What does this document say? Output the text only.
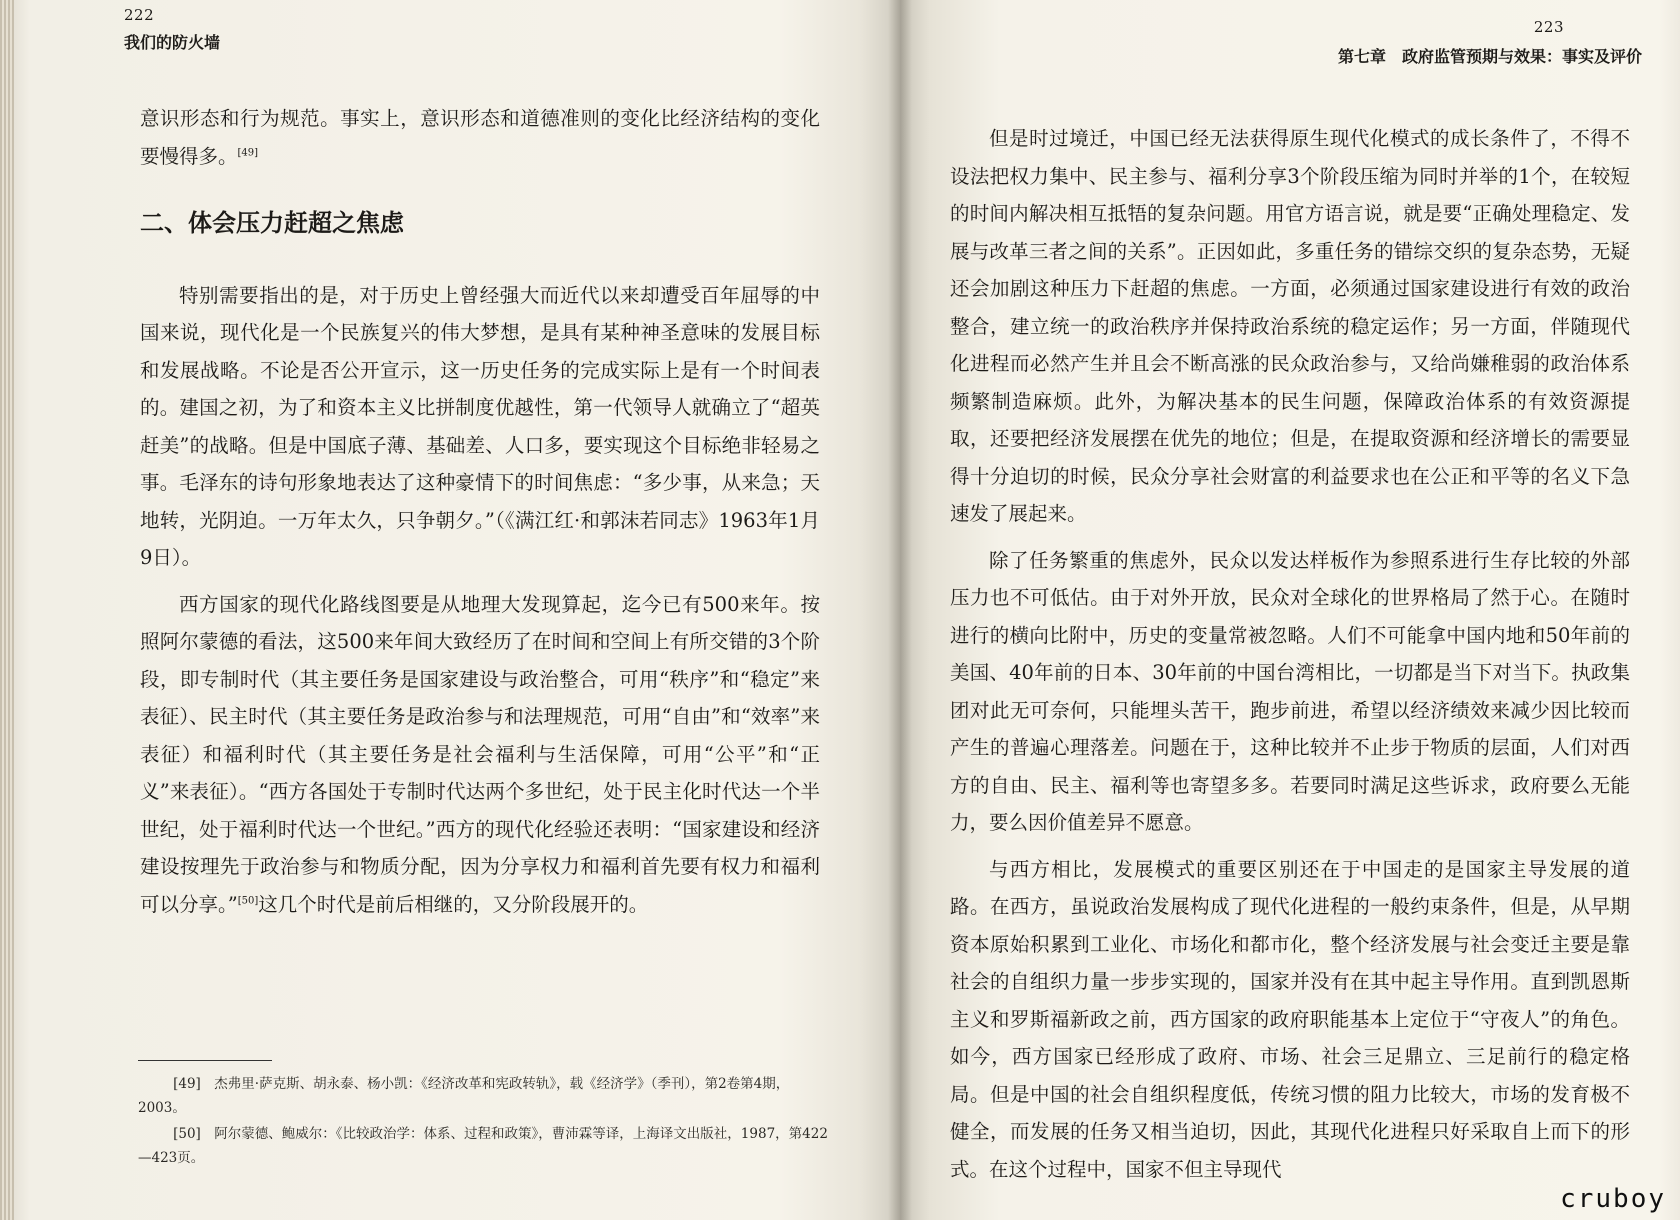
222
我们的防火墙

意识形态和行为规范。事实上，意识形态和道德准则的变化比经济结构的变化要慢得多。[49]

二、体会压力赶超之焦虑

特别需要指出的是，对于历史上曾经强大而近代以来却遭受百年屈辱的中国来说，现代化是一个民族复兴的伟大梦想，是具有某种神圣意味的发展目标和发展战略。不论是否公开宣示，这一历史任务的完成实际上是有一个时间表的。建国之初，为了和资本主义比拼制度优越性，第一代领导人就确立了“超英赶美”的战略。但是中国底子薄、基础差、人口多，要实现这个目标绝非轻易之事。毛泽东的诗句形象地表达了这种豪情下的时间焦虑：“多少事，从来急；天地转，光阴迫。一万年太久，只争朝夕。”（《满江红·和郭沫若同志》1963年1月9日）。

西方国家的现代化路线图要是从地理大发现算起，迄今已有500来年。按照阿尔蒙德的看法，这500来年间大致经历了在时间和空间上有所交错的3个阶段，即专制时代（其主要任务是国家建设与政治整合，可用“秩序”和“稳定”来表征）、民主时代（其主要任务是政治参与和法理规范，可用“自由”和“效率”来表征）和福利时代（其主要任务是社会福利与生活保障，可用“公平”和“正义”来表征）。“西方各国处于专制时代达两个多世纪，处于民主化时代达一个半世纪，处于福利时代达一个世纪。”西方的现代化经验还表明：“国家建设和经济建设按理先于政治参与和物质分配，因为分享权力和福利首先要有权力和福利可以分享。”[50]这几个时代是前后相继的，又分阶段展开的。

[49]　杰弗里·萨克斯、胡永泰、杨小凯：《经济改革和宪政转轨》，载《经济学》（季刊），第2卷第4期，2003。

[50]　阿尔蒙德、鲍威尔：《比较政治学：体系、过程和政策》，曹沛霖等译，上海译文出版社，1987，第422—423页。

223
第七章　政府监管预期与效果：事实及评价

但是时过境迁，中国已经无法获得原生现代化模式的成长条件了，不得不设法把权力集中、民主参与、福利分享3个阶段压缩为同时并举的1个，在较短的时间内解决相互抵牾的复杂问题。用官方语言说，就是要“正确处理稳定、发展与改革三者之间的关系”。正因如此，多重任务的错综交织的复杂态势，无疑还会加剧这种压力下赶超的焦虑。一方面，必须通过国家建设进行有效的政治整合，建立统一的政治秩序并保持政治系统的稳定运作；另一方面，伴随现代化进程而必然产生并且会不断高涨的民众政治参与，又给尚嫌稚弱的政治体系频繁制造麻烦。此外，为解决基本的民生问题，保障政治体系的有效资源提取，还要把经济发展摆在优先的地位；但是，在提取资源和经济增长的需要显得十分迫切的时候，民众分享社会财富的利益要求也在公正和平等的名义下急速发了展起来。

除了任务繁重的焦虑外，民众以发达样板作为参照系进行生存比较的外部压力也不可低估。由于对外开放，民众对全球化的世界格局了然于心。在随时进行的横向比附中，历史的变量常被忽略。人们不可能拿中国内地和50年前的美国、40年前的日本、30年前的中国台湾相比，一切都是当下对当下。执政集团对此无可奈何，只能埋头苦干，跑步前进，希望以经济绩效来减少因比较而产生的普遍心理落差。问题在于，这种比较并不止步于物质的层面，人们对西方的自由、民主、福利等也寄望多多。若要同时满足这些诉求，政府要么无能力，要么因价值差异不愿意。

与西方相比，发展模式的重要区别还在于中国走的是国家主导发展的道路。在西方，虽说政治发展构成了现代化进程的一般约束条件，但是，从早期资本原始积累到工业化、市场化和都市化，整个经济发展与社会变迁主要是靠社会的自组织力量一步步实现的，国家并没有在其中起主导作用。直到凯恩斯主义和罗斯福新政之前，西方国家的政府职能基本上定位于“守夜人”的角色。如今，西方国家已经形成了政府、市场、社会三足鼎立、三足前行的稳定格局。但是中国的社会自组织程度低，传统习惯的阻力比较大，市场的发育极不健全，而发展的任务又相当迫切，因此，其现代化进程只好采取自上而下的形式。在这个过程中，国家不但主导现代

cruboy
